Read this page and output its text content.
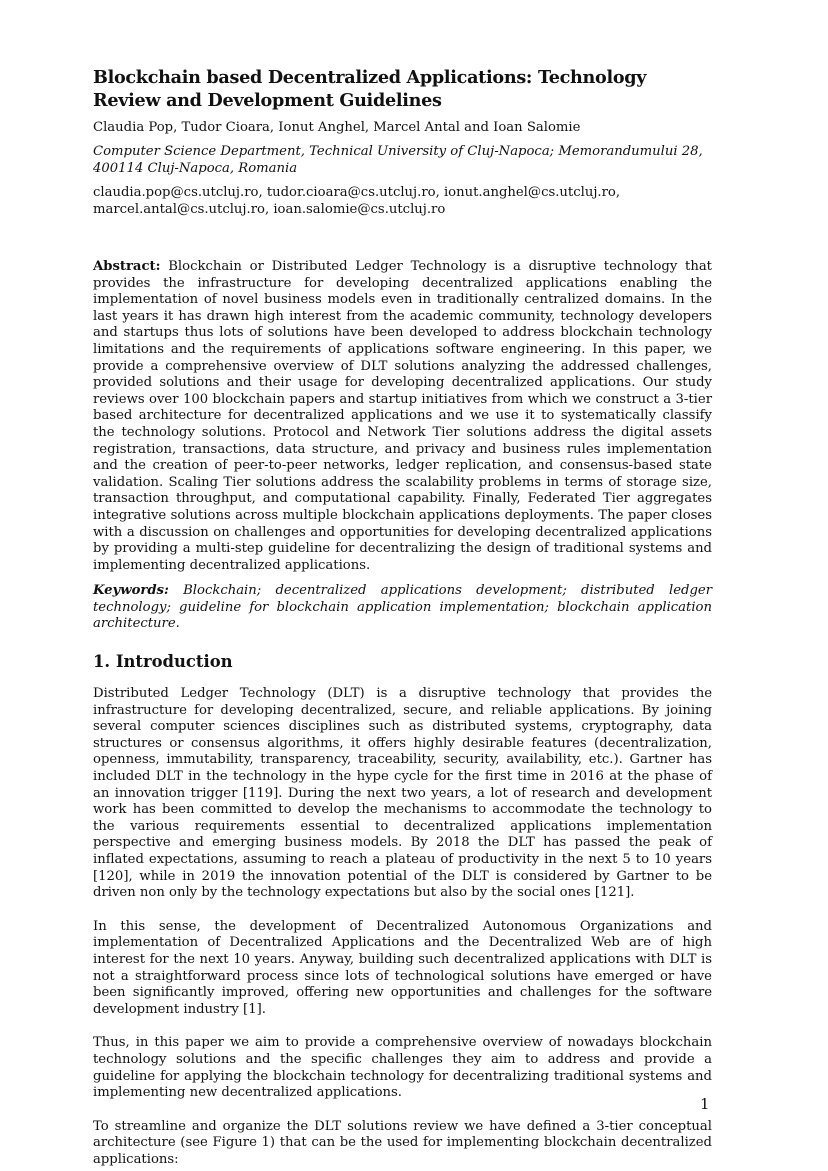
Blockchain based Decentralized Applications: Technology Review and Development Guidelines
Claudia Pop, Tudor Cioara, Ionut Anghel, Marcel Antal and Ioan Salomie
Computer Science Department, Technical University of Cluj-Napoca; Memorandumului 28, 400114 Cluj-Napoca, Romania
claudia.pop@cs.utcluj.ro, tudor.cioara@cs.utcluj.ro, ionut.anghel@cs.utcluj.ro, marcel.antal@cs.utcluj.ro, ioan.salomie@cs.utcluj.ro
Abstract: Blockchain or Distributed Ledger Technology is a disruptive technology that provides the infrastructure for developing decentralized applications enabling the implementation of novel business models even in traditionally centralized domains. In the last years it has drawn high interest from the academic community, technology developers and startups thus lots of solutions have been developed to address blockchain technology limitations and the requirements of applications software engineering. In this paper, we provide a comprehensive overview of DLT solutions analyzing the addressed challenges, provided solutions and their usage for developing decentralized applications. Our study reviews over 100 blockchain papers and startup initiatives from which we construct a 3-tier based architecture for decentralized applications and we use it to systematically classify the technology solutions. Protocol and Network Tier solutions address the digital assets registration, transactions, data structure, and privacy and business rules implementation and the creation of peer-to-peer networks, ledger replication, and consensus-based state validation. Scaling Tier solutions address the scalability problems in terms of storage size, transaction throughput, and computational capability. Finally, Federated Tier aggregates integrative solutions across multiple blockchain applications deployments. The paper closes with a discussion on challenges and opportunities for developing decentralized applications by providing a multi-step guideline for decentralizing the design of traditional systems and implementing decentralized applications.
Keywords: Blockchain; decentralized applications development; distributed ledger technology; guideline for blockchain application implementation; blockchain application architecture.
1. Introduction
Distributed Ledger Technology (DLT) is a disruptive technology that provides the infrastructure for developing decentralized, secure, and reliable applications. By joining several computer sciences disciplines such as distributed systems, cryptography, data structures or consensus algorithms, it offers highly desirable features (decentralization, openness, immutability, transparency, traceability, security, availability, etc.). Gartner has included DLT in the technology in the hype cycle for the first time in 2016 at the phase of an innovation trigger [119]. During the next two years, a lot of research and development work has been committed to develop the mechanisms to accommodate the technology to the various requirements essential to decentralized applications implementation perspective and emerging business models. By 2018 the DLT has passed the peak of inflated expectations, assuming to reach a plateau of productivity in the next 5 to 10 years [120], while in 2019 the innovation potential of the DLT is considered by Gartner to be driven non only by the technology expectations but also by the social ones [121].
In this sense, the development of Decentralized Autonomous Organizations and implementation of Decentralized Applications and the Decentralized Web are of high interest for the next 10 years. Anyway, building such decentralized applications with DLT is not a straightforward process since lots of technological solutions have emerged or have been significantly improved, offering new opportunities and challenges for the software development industry [1].
Thus, in this paper we aim to provide a comprehensive overview of nowadays blockchain technology solutions and the specific challenges they aim to address and provide a guideline for applying the blockchain technology for decentralizing traditional systems and implementing new decentralized applications.
To streamline and organize the DLT solutions review we have defined a 3-tier conceptual architecture (see Figure 1) that can be the used for implementing blockchain decentralized applications:
1
